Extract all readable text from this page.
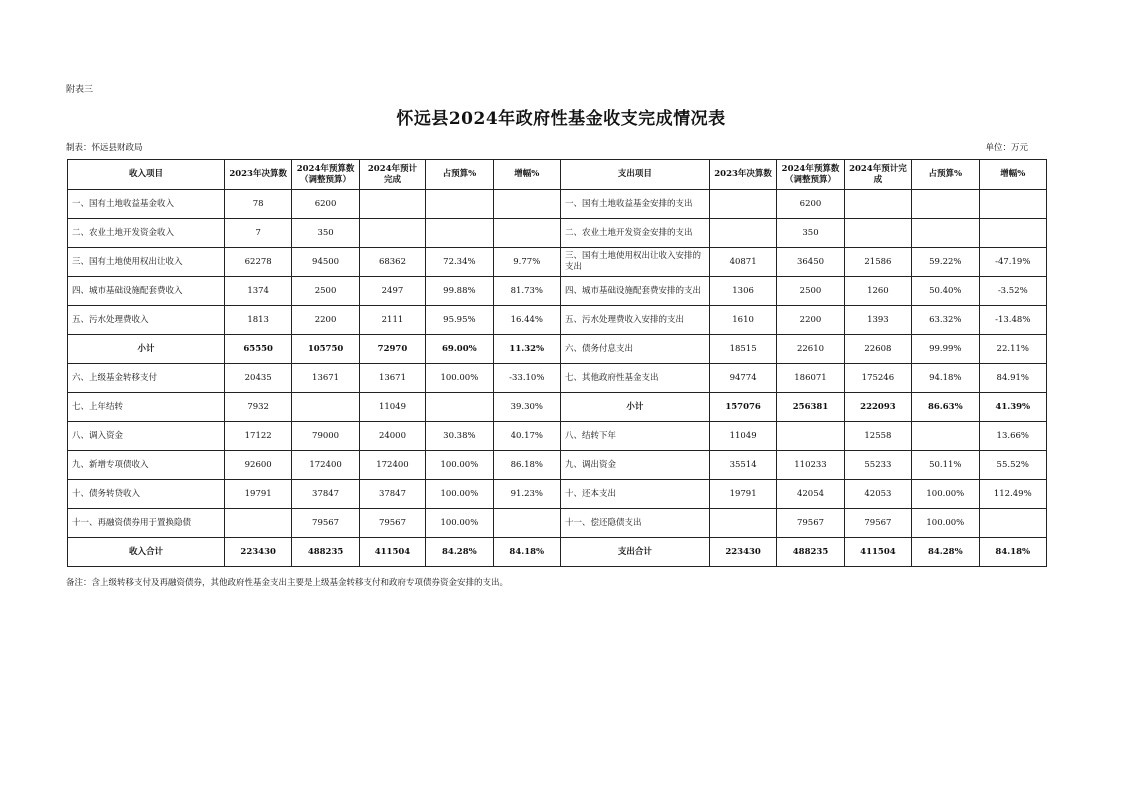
附表三
怀远县2024年政府性基金收支完成情况表
制表：怀远县财政局	单位：万元
收入项目	2023年决算数	2024年预算数（调整预算）	2024年预计完成	占预算%	增幅%	支出项目	2023年决算数	2024年预算数（调整预算）	2024年预计完成	占预算%	增幅%
一、国有土地收益基金收入	78	6200				一、国有土地收益基金安排的支出		6200			
二、农业土地开发资金收入	7	350				二、农业土地开发资金安排的支出		350			
三、国有土地使用权出让收入	62278	94500	68362	72.34%	9.77%	三、国有土地使用权出让收入安排的支出	40871	36450	21586	59.22%	-47.19%
四、城市基础设施配套费收入	1374	2500	2497	99.88%	81.73%	四、城市基础设施配套费安排的支出	1306	2500	1260	50.40%	-3.52%
五、污水处理费收入	1813	2200	2111	95.95%	16.44%	五、污水处理费收入安排的支出	1610	2200	1393	63.32%	-13.48%
小计	65550	105750	72970	69.00%	11.32%	六、债务付息支出	18515	22610	22608	99.99%	22.11%
六、上级基金转移支付	20435	13671	13671	100.00%	-33.10%	七、其他政府性基金支出	94774	186071	175246	94.18%	84.91%
七、上年结转	7932		11049		39.30%	小计	157076	256381	222093	86.63%	41.39%
八、调入资金	17122	79000	24000	30.38%	40.17%	八、结转下年	11049		12558		13.66%
九、新增专项债收入	92600	172400	172400	100.00%	86.18%	九、调出资金	35514	110233	55233	50.11%	55.52%
十、债务转贷收入	19791	37847	37847	100.00%	91.23%	十、还本支出	19791	42054	42053	100.00%	112.49%
十一、再融资债券用于置换隐债		79567	79567	100.00%		十一、偿还隐债支出		79567	79567	100.00%	
收入合计	223430	488235	411504	84.28%	84.18%	支出合计	223430	488235	411504	84.28%	84.18%
备注：含上级转移支付及再融资债券，其他政府性基金支出主要是上级基金转移支付和政府专项债券资金安排的支出。
